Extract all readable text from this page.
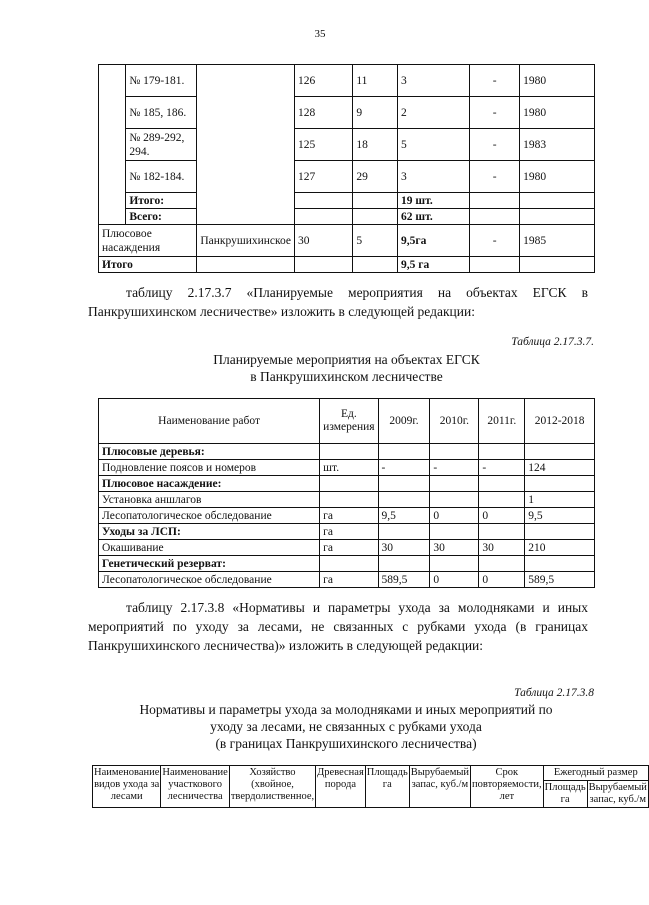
35
	№ 179-181.		126	11	3	-	1980
	№ 185, 186.		128	9	2	-	1980
	№ 289-292, 294.		125	18	5	-	1983
	№ 182-184.		127	29	3	-	1980
	Итого:				19 шт.		
	Всего:				62 шт.		
Плюсовое насаждения		Панкрушихинское	30	5	9,5га	-	1985
Итого					9,5 га		

таблицу 2.17.3.7 «Планируемые мероприятия на объектах ЕГСК в Панкрушихинском лесничестве» изложить в следующей редакции:

Таблица 2.17.3.7.
Планируемые мероприятия на объектах ЕГСК
в Панкрушихинском лесничестве
Наименование работ	Ед. измерения	2009г.	2010г.	2011г.	2012-2018
Плюсовые деревья:					
Подновление поясов и номеров	шт.	-	-	-	124
Плюсовое насаждение:					
Установка аншлагов					1
Лесопатологическое обследование	га	9,5	0	0	9,5
Уходы за ЛСП:	га				
Окашивание	га	30	30	30	210
Генетический резерват:					
Лесопатологическое обследование	га	589,5	0	0	589,5

таблицу 2.17.3.8 «Нормативы и параметры ухода за молодняками и иных мероприятий по уходу за лесами, не связанных с рубками ухода (в границах Панкрушихинского лесничества)» изложить в следующей редакции:

Таблица 2.17.3.8
Нормативы и параметры ухода за молодняками и иных мероприятий по
уходу за лесами, не связанных с рубками ухода
(в границах Панкрушихинского лесничества)
Наименование видов ухода за лесами	Наименование участкового лесничества	Хозяйство (хвойное, твердолиственное,	Древесная порода	Площадь га	Вырубаемый запас, куб./м	Срок повторяемости, лет	Ежегодный размер	
							Площадь га	Вырубаемый запас, куб./м
